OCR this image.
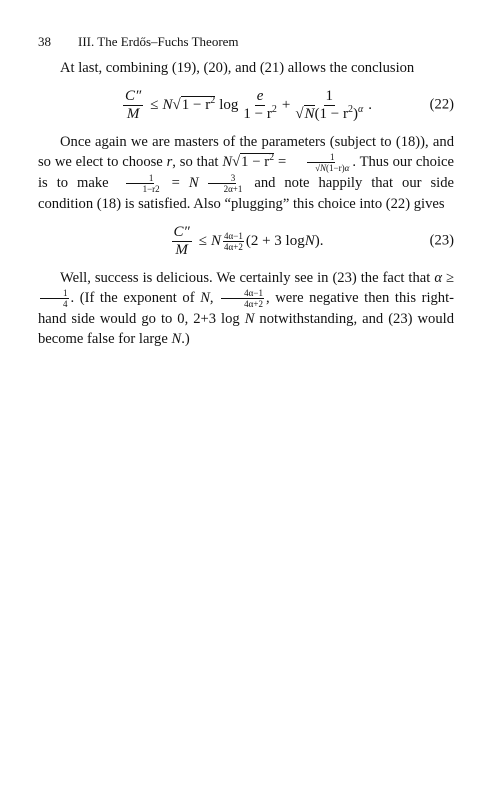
38 III. The Erdős–Fuchs Theorem

At last, combining (19), (20), and (21) allows the conclusion

$\frac{C''}{M} \le N$ √ $1 - r^2$ $\log \frac{e}{1 - r^2} + \frac{1}{√N(1 - r^2)^\alpha}$ .	(22)

Once again we are masters of the parameters (subject to (18)), and so we elect to choose r, so that $N√1 - r^2 = \frac{1}{√N(1-r)\alpha}$ . Thus our choice is to make $\frac{1}{1-r2} = N \frac{3}{2\alpha+1}$ and note happily that our side condition (18) is satisfied. Also “plugging” this choice into (22) gives

$\frac{C''}{M} \le N$ 4α−1
4α+2 (2 + 3 log N ).	(23)

Well, success is delicious. We certainly see in (23) the fact that α ≥
$\frac{1}{4}$ . (If the exponent of N, $\frac{4\alpha-1}{4\alpha+2}$ , were negative then this right-hand side would go to 0, 2+3 log N notwithstanding, and (23) would become false for large N.)
